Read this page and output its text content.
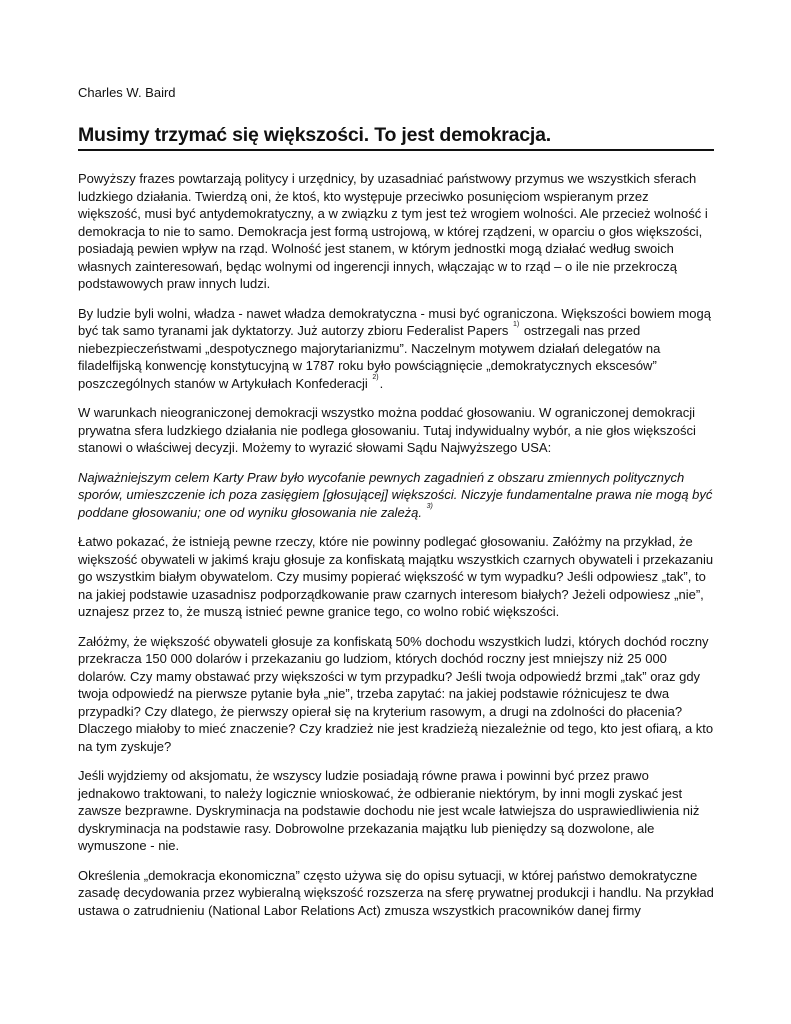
Charles W. Baird
Musimy trzymać się większości. To jest demokracja.

Powyższy frazes powtarzają politycy i urzędnicy, by uzasadniać państwowy przymus we wszystkich sferach ludzkiego działania. Twierdzą oni, że ktoś, kto występuje przeciwko posunięciom wspieranym przez większość, musi być antydemokratyczny, a w związku z tym jest też wrogiem wolności. Ale przecież wolność i demokracja to nie to samo. Demokracja jest formą ustrojową, w której rządzeni, w oparciu o głos większości, posiadają pewien wpływ na rząd. Wolność jest stanem, w którym jednostki mogą działać według swoich własnych zainteresowań, będąc wolnymi od ingerencji innych, włączając w to rząd – o ile nie przekroczą podstawowych praw innych ludzi.

By ludzie byli wolni, władza - nawet władza demokratyczna - musi być ograniczona. Większości bowiem mogą być tak samo tyranami jak dyktatorzy. Już autorzy zbioru Federalist Papers $^{1)}$ ostrzegali nas przed niebezpieczeństwami „despotycznego majorytarianizmu”. Naczelnym motywem działań delegatów na filadelfijską konwencję konstytucyjną w 1787 roku było powściągnięcie „demokratycznych ekscesów” poszczególnych stanów w Artykułach Konfederacji $^{2)}$.

W warunkach nieograniczonej demokracji wszystko można poddać głosowaniu. W ograniczonej demokracji prywatna sfera ludzkiego działania nie podlega głosowaniu. Tutaj indywidualny wybór, a nie głos większości stanowi o właściwej decyzji. Możemy to wyrazić słowami Sądu Najwyższego USA:

Najważniejszym celem Karty Praw było wycofanie pewnych zagadnień z obszaru zmiennych politycznych sporów, umieszczenie ich poza zasięgiem [głosującej] większości. Niczyje fundamentalne prawa nie mogą być poddane głosowaniu; one od wyniku głosowania nie zależą. $^{3)}$

Łatwo pokazać, że istnieją pewne rzeczy, które nie powinny podlegać głosowaniu. Załóżmy na przykład, że większość obywateli w jakimś kraju głosuje za konfiskatą majątku wszystkich czarnych obywateli i przekazaniu go wszystkim białym obywatelom. Czy musimy popierać większość w tym wypadku? Jeśli odpowiesz „tak”, to na jakiej podstawie uzasadnisz podporządkowanie praw czarnych interesom białych? Jeżeli odpowiesz „nie”, uznajesz przez to, że muszą istnieć pewne granice tego, co wolno robić większości.

Załóżmy, że większość obywateli głosuje za konfiskatą 50% dochodu wszystkich ludzi, których dochód roczny przekracza 150 000 dolarów i przekazaniu go ludziom, których dochód roczny jest mniejszy niż 25 000 dolarów. Czy mamy obstawać przy większości w tym przypadku? Jeśli twoja odpowiedź brzmi „tak” oraz gdy twoja odpowiedź na pierwsze pytanie była „nie”, trzeba zapytać: na jakiej podstawie różnicujesz te dwa przypadki? Czy dlatego, że pierwszy opierał się na kryterium rasowym, a drugi na zdolności do płacenia? Dlaczego miałoby to mieć znaczenie? Czy kradzież nie jest kradzieżą niezależnie od tego, kto jest ofiarą, a kto na tym zyskuje?

Jeśli wyjdziemy od aksjomatu, że wszyscy ludzie posiadają równe prawa i powinni być przez prawo jednakowo traktowani, to należy logicznie wnioskować, że odbieranie niektórym, by inni mogli zyskać jest zawsze bezprawne. Dyskryminacja na podstawie dochodu nie jest wcale łatwiejsza do usprawiedliwienia niż dyskryminacja na podstawie rasy. Dobrowolne przekazania majątku lub pieniędzy są dozwolone, ale wymuszone - nie.

Określenia „demokracja ekonomiczna” często używa się do opisu sytuacji, w której państwo demokratyczne zasadę decydowania przez wybieralną większość rozszerza na sferę prywatnej produkcji i handlu. Na przykład ustawa o zatrudnieniu (National Labor Relations Act) zmusza wszystkich pracowników danej firmy
